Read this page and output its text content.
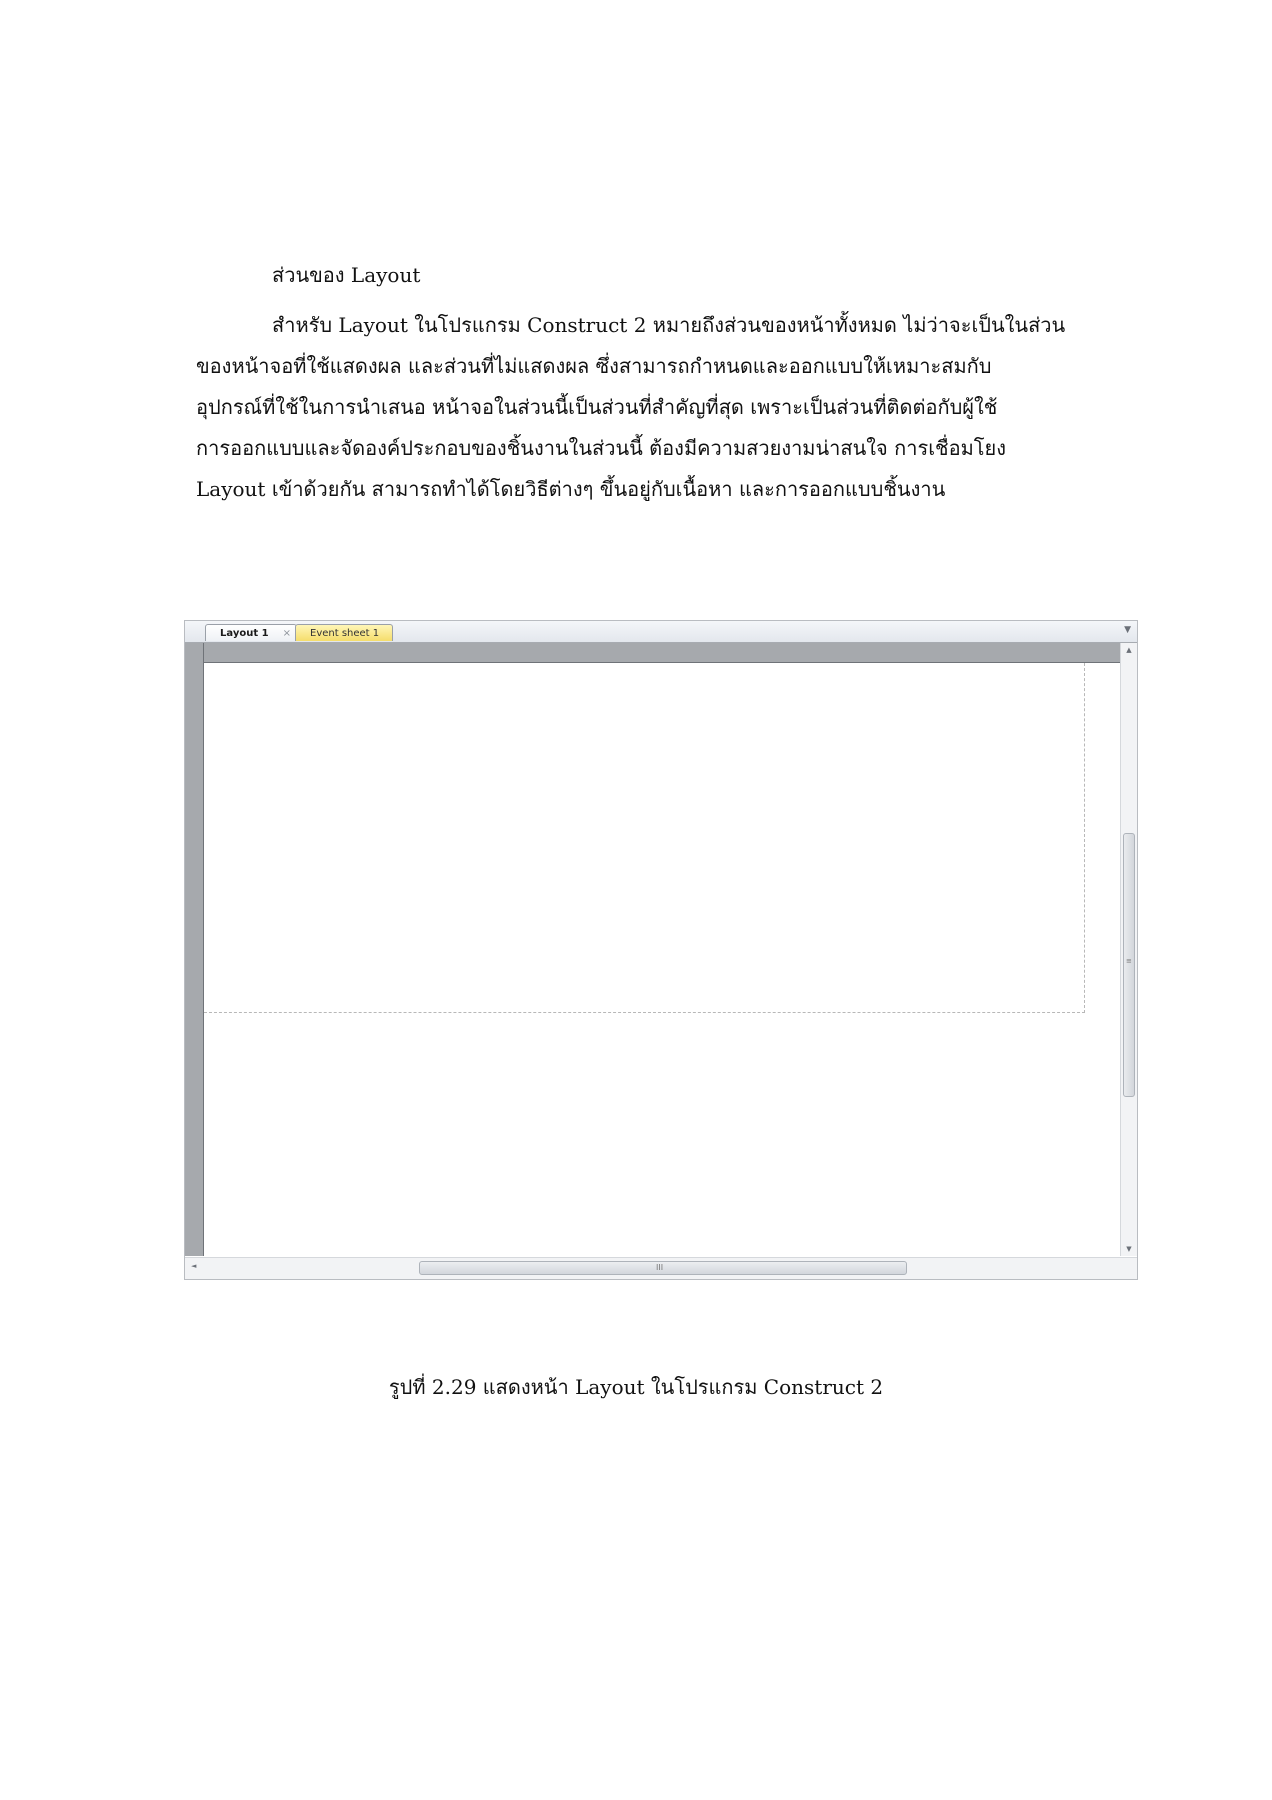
ส่วนของ Layout

สำหรับ Layout ในโปรแกรม Construct 2 หมายถึงส่วนของหน้าทั้งหมด ไม่ว่าจะเป็นในส่วน
ของหน้าจอที่ใช้แสดงผล และส่วนที่ไม่แสดงผล ซึ่งสามารถกำหนดและออกแบบให้เหมาะสมกับ
อุปกรณ์ที่ใช้ในการนำเสนอ หน้าจอในส่วนนี้เป็นส่วนที่สำคัญที่สุด เพราะเป็นส่วนที่ติดต่อกับผู้ใช้
การออกแบบและจัดองค์ประกอบของชิ้นงานในส่วนนี้ ต้องมีความสวยงามน่าสนใจ การเชื่อมโยง
Layout เข้าด้วยกัน สามารถทำได้โดยวิธีต่างๆ ขึ้นอยู่กับเนื้อหา และการออกแบบชิ้นงาน

Layout 1 ×	Event sheet 1	▼
▲
≡
▼
◄	III
รูปที่ 2.29 แสดงหน้า Layout ในโปรแกรม Construct 2
